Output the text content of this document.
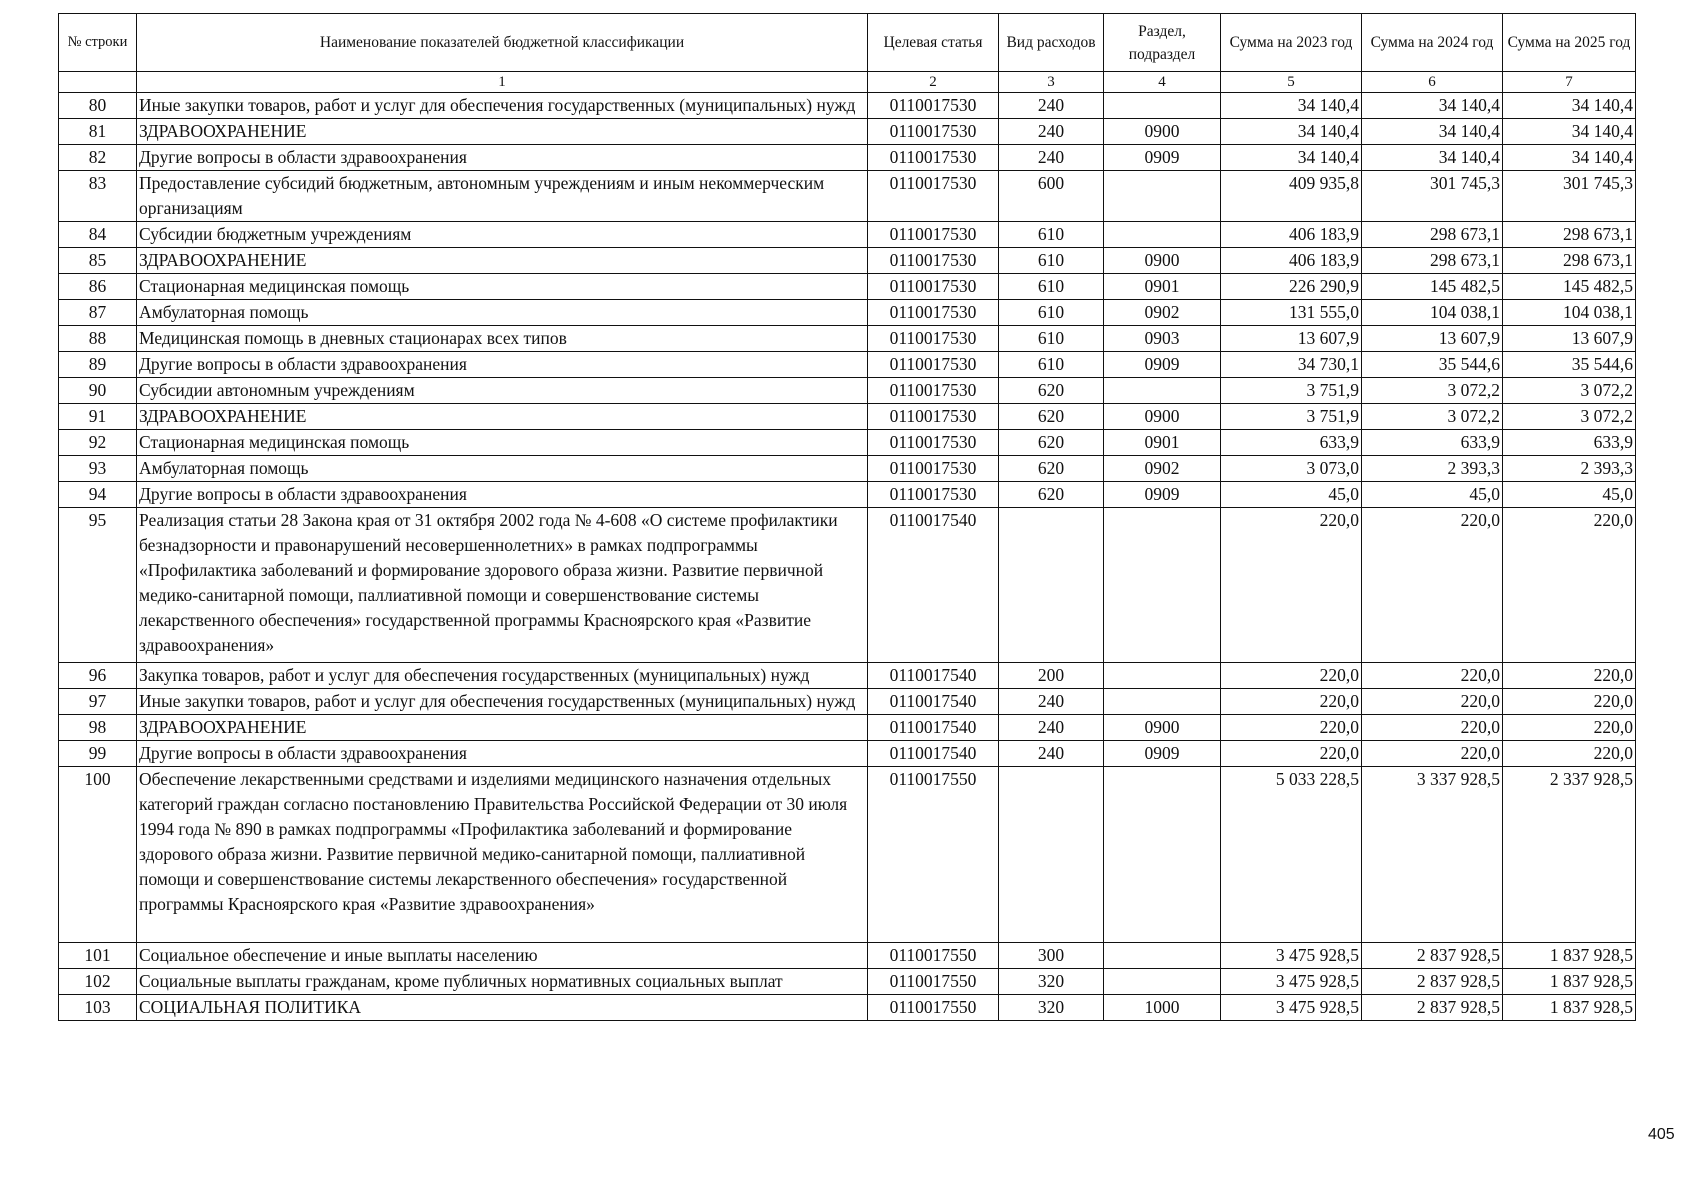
№ строки	Наименование показателей бюджетной классификации	Целевая статья	Вид расходов	Раздел, подраздел	Сумма на 2023 год	Сумма на 2024 год	Сумма на 2025 год
	1	2	3	4	5	6	7
80	Иные закупки товаров, работ и услуг для обеспечения государственных (муниципальных) нужд	0110017530	240		34 140,4	34 140,4	34 140,4
81	ЗДРАВООХРАНЕНИЕ	0110017530	240	0900	34 140,4	34 140,4	34 140,4
82	Другие вопросы в области здравоохранения	0110017530	240	0909	34 140,4	34 140,4	34 140,4
83	Предоставление субсидий бюджетным, автономным учреждениям и иным некоммерческим организациям	0110017530	600		409 935,8	301 745,3	301 745,3
84	Субсидии бюджетным учреждениям	0110017530	610		406 183,9	298 673,1	298 673,1
85	ЗДРАВООХРАНЕНИЕ	0110017530	610	0900	406 183,9	298 673,1	298 673,1
86	Стационарная медицинская помощь	0110017530	610	0901	226 290,9	145 482,5	145 482,5
87	Амбулаторная помощь	0110017530	610	0902	131 555,0	104 038,1	104 038,1
88	Медицинская помощь в дневных стационарах всех типов	0110017530	610	0903	13 607,9	13 607,9	13 607,9
89	Другие вопросы в области здравоохранения	0110017530	610	0909	34 730,1	35 544,6	35 544,6
90	Субсидии автономным учреждениям	0110017530	620		3 751,9	3 072,2	3 072,2
91	ЗДРАВООХРАНЕНИЕ	0110017530	620	0900	3 751,9	3 072,2	3 072,2
92	Стационарная медицинская помощь	0110017530	620	0901	633,9	633,9	633,9
93	Амбулаторная помощь	0110017530	620	0902	3 073,0	2 393,3	2 393,3
94	Другие вопросы в области здравоохранения	0110017530	620	0909	45,0	45,0	45,0
95	Реализация статьи 28 Закона края от 31 октября 2002 года № 4-608 «О системе профилактики безнадзорности и правонарушений несовершеннолетних» в рамках подпрограммы «Профилактика заболеваний и формирование здорового образа жизни. Развитие первичной медико-санитарной помощи, паллиативной помощи и совершенствование системы лекарственного обеспечения» государственной программы Красноярского края «Развитие здравоохранения»	0110017540			220,0	220,0	220,0
96	Закупка товаров, работ и услуг для обеспечения государственных (муниципальных) нужд	0110017540	200		220,0	220,0	220,0
97	Иные закупки товаров, работ и услуг для обеспечения государственных (муниципальных) нужд	0110017540	240		220,0	220,0	220,0
98	ЗДРАВООХРАНЕНИЕ	0110017540	240	0900	220,0	220,0	220,0
99	Другие вопросы в области здравоохранения	0110017540	240	0909	220,0	220,0	220,0
100	Обеспечение лекарственными средствами и изделиями медицинского назначения отдельных категорий граждан согласно постановлению Правительства Российской Федерации от 30 июля 1994 года № 890 в рамках подпрограммы «Профилактика заболеваний и формирование здорового образа жизни. Развитие первичной медико-санитарной помощи, паллиативной помощи и совершенствование системы лекарственного обеспечения» государственной программы Красноярского края «Развитие здравоохранения»	0110017550			5 033 228,5	3 337 928,5	2 337 928,5
101	Социальное обеспечение и иные выплаты населению	0110017550	300		3 475 928,5	2 837 928,5	1 837 928,5
102	Социальные выплаты гражданам, кроме публичных нормативных социальных выплат	0110017550	320		3 475 928,5	2 837 928,5	1 837 928,5
103	СОЦИАЛЬНАЯ ПОЛИТИКА	0110017550	320	1000	3 475 928,5	2 837 928,5	1 837 928,5
405
